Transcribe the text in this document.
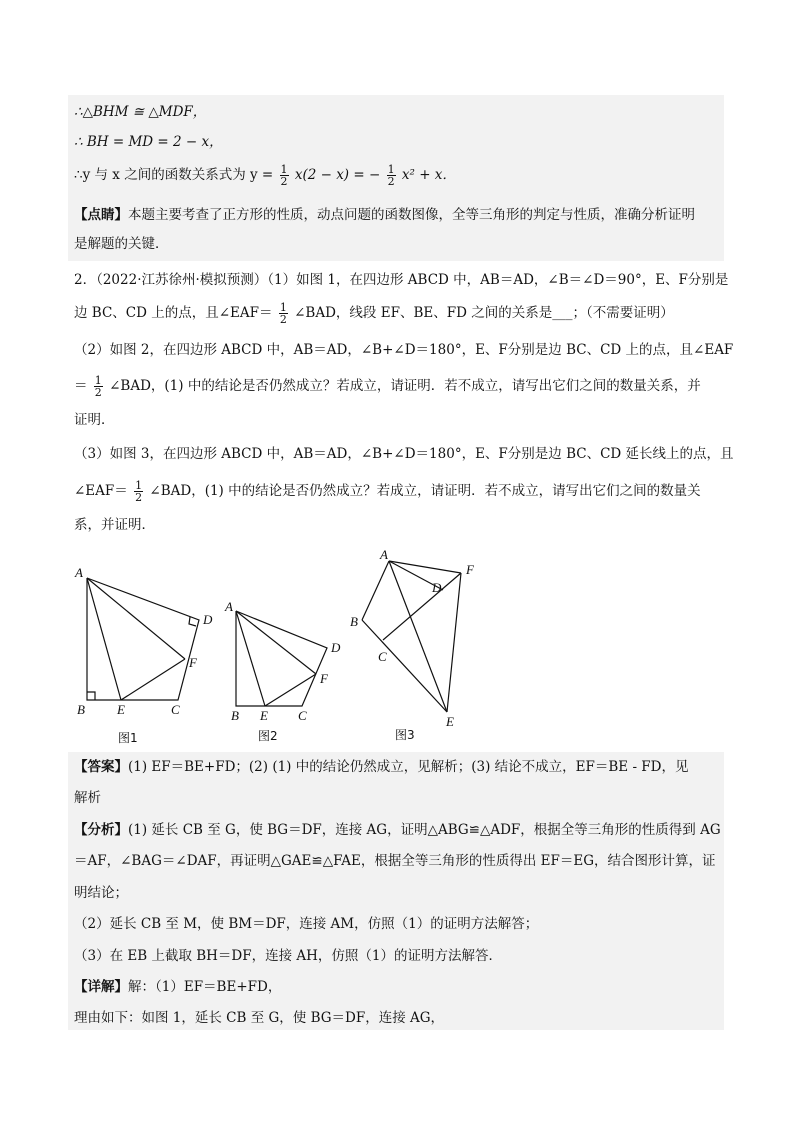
∴△BHM ≅ △MDF，
∴ BH = MD = 2 − x，
∴y 与 x 之间的函数关系式为 $y = \frac{1}{2} x(2 - x)$ = − $\frac{1}{2} x^2 + x$．
【点睛】本题主要考查了正方形的性质，动点问题的函数图像，全等三角形的判定与性质，准确分析证明
是解题的关键．
2．（2022·江苏徐州·模拟预测）（1）如图 1，在四边形 ABCD 中，AB＝AD，∠B＝∠D＝90°，E、F分别是
边 BC、CD 上的点，且∠EAF＝ $\frac{1}{2}$ ∠BAD，线段 EF、BE、FD 之间的关系是___；（不需要证明）
（2）如图 2，在四边形 ABCD 中，AB＝AD，∠B+∠D＝180°，E、F分别是边 BC、CD 上的点，且∠EAF
＝ $\frac{1}{2}$ ∠BAD，(1) 中的结论是否仍然成立？若成立，请证明．若不成立，请写出它们之间的数量关系，并
证明．
（3）如图 3，在四边形 ABCD 中，AB＝AD，∠B+∠D＝180°，E、F分别是边 BC、CD 延长线上的点，且
∠EAF＝ $\frac{1}{2}$ ∠BAD，(1) 中的结论是否仍然成立？若成立，请证明．若不成立，请写出它们之间的数量关
系，并证明．
A
B E	C
D
F
图1
A
B E C
D
F
图2
A
F
D
B
C
E
图3
【答案】(1) EF＝BE+FD；(2) (1) 中的结论仍然成立，见解析；(3) 结论不成立，EF＝BE - FD，见
解析
【分析】(1) 延长 CB 至 G，使 BG＝DF，连接 AG，证明△ABG≌△ADF，根据全等三角形的性质得到 AG
＝AF，∠BAG＝∠DAF，再证明△GAE≌△FAE，根据全等三角形的性质得出 EF＝EG，结合图形计算，证
明结论；
（2）延长 CB 至 M，使 BM＝DF，连接 AM，仿照（1）的证明方法解答；
（3）在 EB 上截取 BH＝DF，连接 AH，仿照（1）的证明方法解答．
【详解】解：（1）EF＝BE+FD，
理由如下：如图 1，延长 CB 至 G，使 BG＝DF，连接 AG，
